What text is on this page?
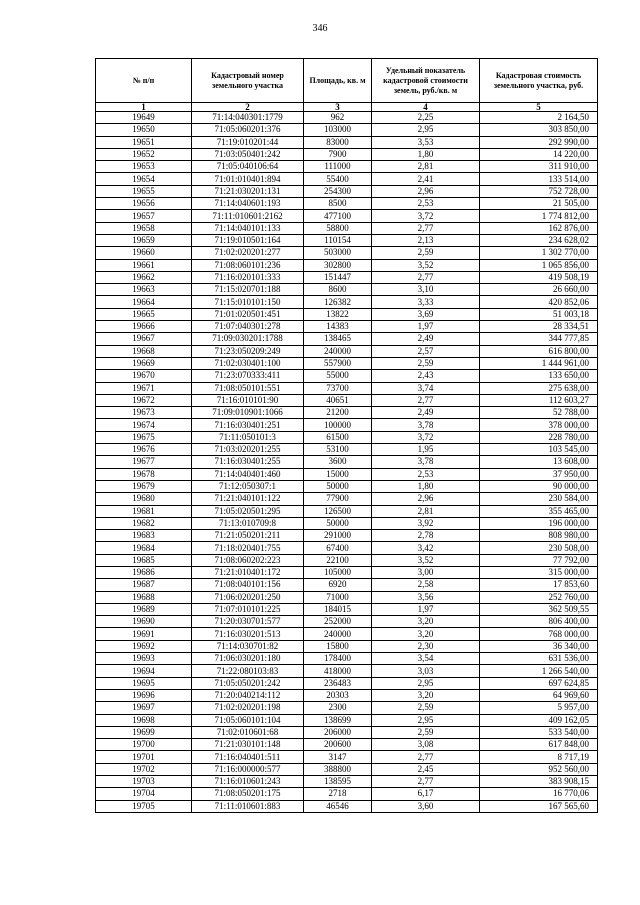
346
№ п/п	Кадастровый номер земельного участка	Площадь, кв. м	Удельный показатель кадастровой стоимости земель, руб./кв. м	Кадастровая стоимость земельного участка, руб.
1	2	3	4	5
19649	71:14:040301:1779	962	2,25	2 164,50
19650	71:05:060201:376	103000	2,95	303 850,00
19651	71:19:010201:44	83000	3,53	292 990,00
19652	71:03:050401:242	7900	1,80	14 220,00
19653	71:05:040106:64	111000	2,81	311 910,00
19654	71:01:010401:894	55400	2,41	133 514,00
19655	71:21:030201:131	254300	2,96	752 728,00
19656	71:14:040601:193	8500	2,53	21 505,00
19657	71:11:010601:2162	477100	3,72	1 774 812,00
19658	71:14:040101:133	58800	2,77	162 876,00
19659	71:19:010501:164	110154	2,13	234 628,02
19660	71:02:020201:277	503000	2,59	1 302 770,00
19661	71:08:060101:236	302800	3,52	1 065 856,00
19662	71:16:020101:333	151447	2,77	419 508,19
19663	71:15:020701:188	8600	3,10	26 660,00
19664	71:15:010101:150	126382	3,33	420 852,06
19665	71:01:020501:451	13822	3,69	51 003,18
19666	71:07:040301:278	14383	1,97	28 334,51
19667	71:09:030201:1788	138465	2,49	344 777,85
19668	71:23:050209:249	240000	2,57	616 800,00
19669	71:02:030401:100	557900	2,59	1 444 961,00
19670	71:23:070333:411	55000	2,43	133 650,00
19671	71:08:050101:551	73700	3,74	275 638,00
19672	71:16:010101:90	40651	2,77	112 603,27
19673	71:09:010901:1066	21200	2,49	52 788,00
19674	71:16:030401:251	100000	3,78	378 000,00
19675	71:11:050101:3	61500	3,72	228 780,00
19676	71:03:020201:255	53100	1,95	103 545,00
19677	71:16:030401:255	3600	3,78	13 608,00
19678	71:14:040401:460	15000	2,53	37 950,00
19679	71:12:050307:1	50000	1,80	90 000,00
19680	71:21:040101:122	77900	2,96	230 584,00
19681	71:05:020501:295	126500	2,81	355 465,00
19682	71:13:010709:8	50000	3,92	196 000,00
19683	71:21:050201:211	291000	2,78	808 980,00
19684	71:18:020401:755	67400	3,42	230 508,00
19685	71:08:060202:223	22100	3,52	77 792,00
19686	71:21:010401:172	105000	3,00	315 000,00
19687	71:08:040101:156	6920	2,58	17 853,60
19688	71:06:020201:250	71000	3,56	252 760,00
19689	71:07:010101:225	184015	1,97	362 509,55
19690	71:20:030701:577	252000	3,20	806 400,00
19691	71:16:030201:513	240000	3,20	768 000,00
19692	71:14:030701:82	15800	2,30	36 340,00
19693	71:06:030201:180	178400	3,54	631 536,00
19694	71:22:080103:83	418000	3,03	1 266 540,00
19695	71:05:050201:242	236483	2,95	697 624,85
19696	71:20:040214:112	20303	3,20	64 969,60
19697	71:02:020201:198	2300	2,59	5 957,00
19698	71:05:060101:104	138699	2,95	409 162,05
19699	71:02:010601:68	206000	2,59	533 540,00
19700	71:21:030101:148	200600	3,08	617 848,00
19701	71:16:040401:511	3147	2,77	8 717,19
19702	71:16:000000:577	388800	2,45	952 560,00
19703	71:16:010601:243	138595	2,77	383 908,15
19704	71:08:050201:175	2718	6,17	16 770,06
19705	71:11:010601:883	46546	3,60	167 565,60
